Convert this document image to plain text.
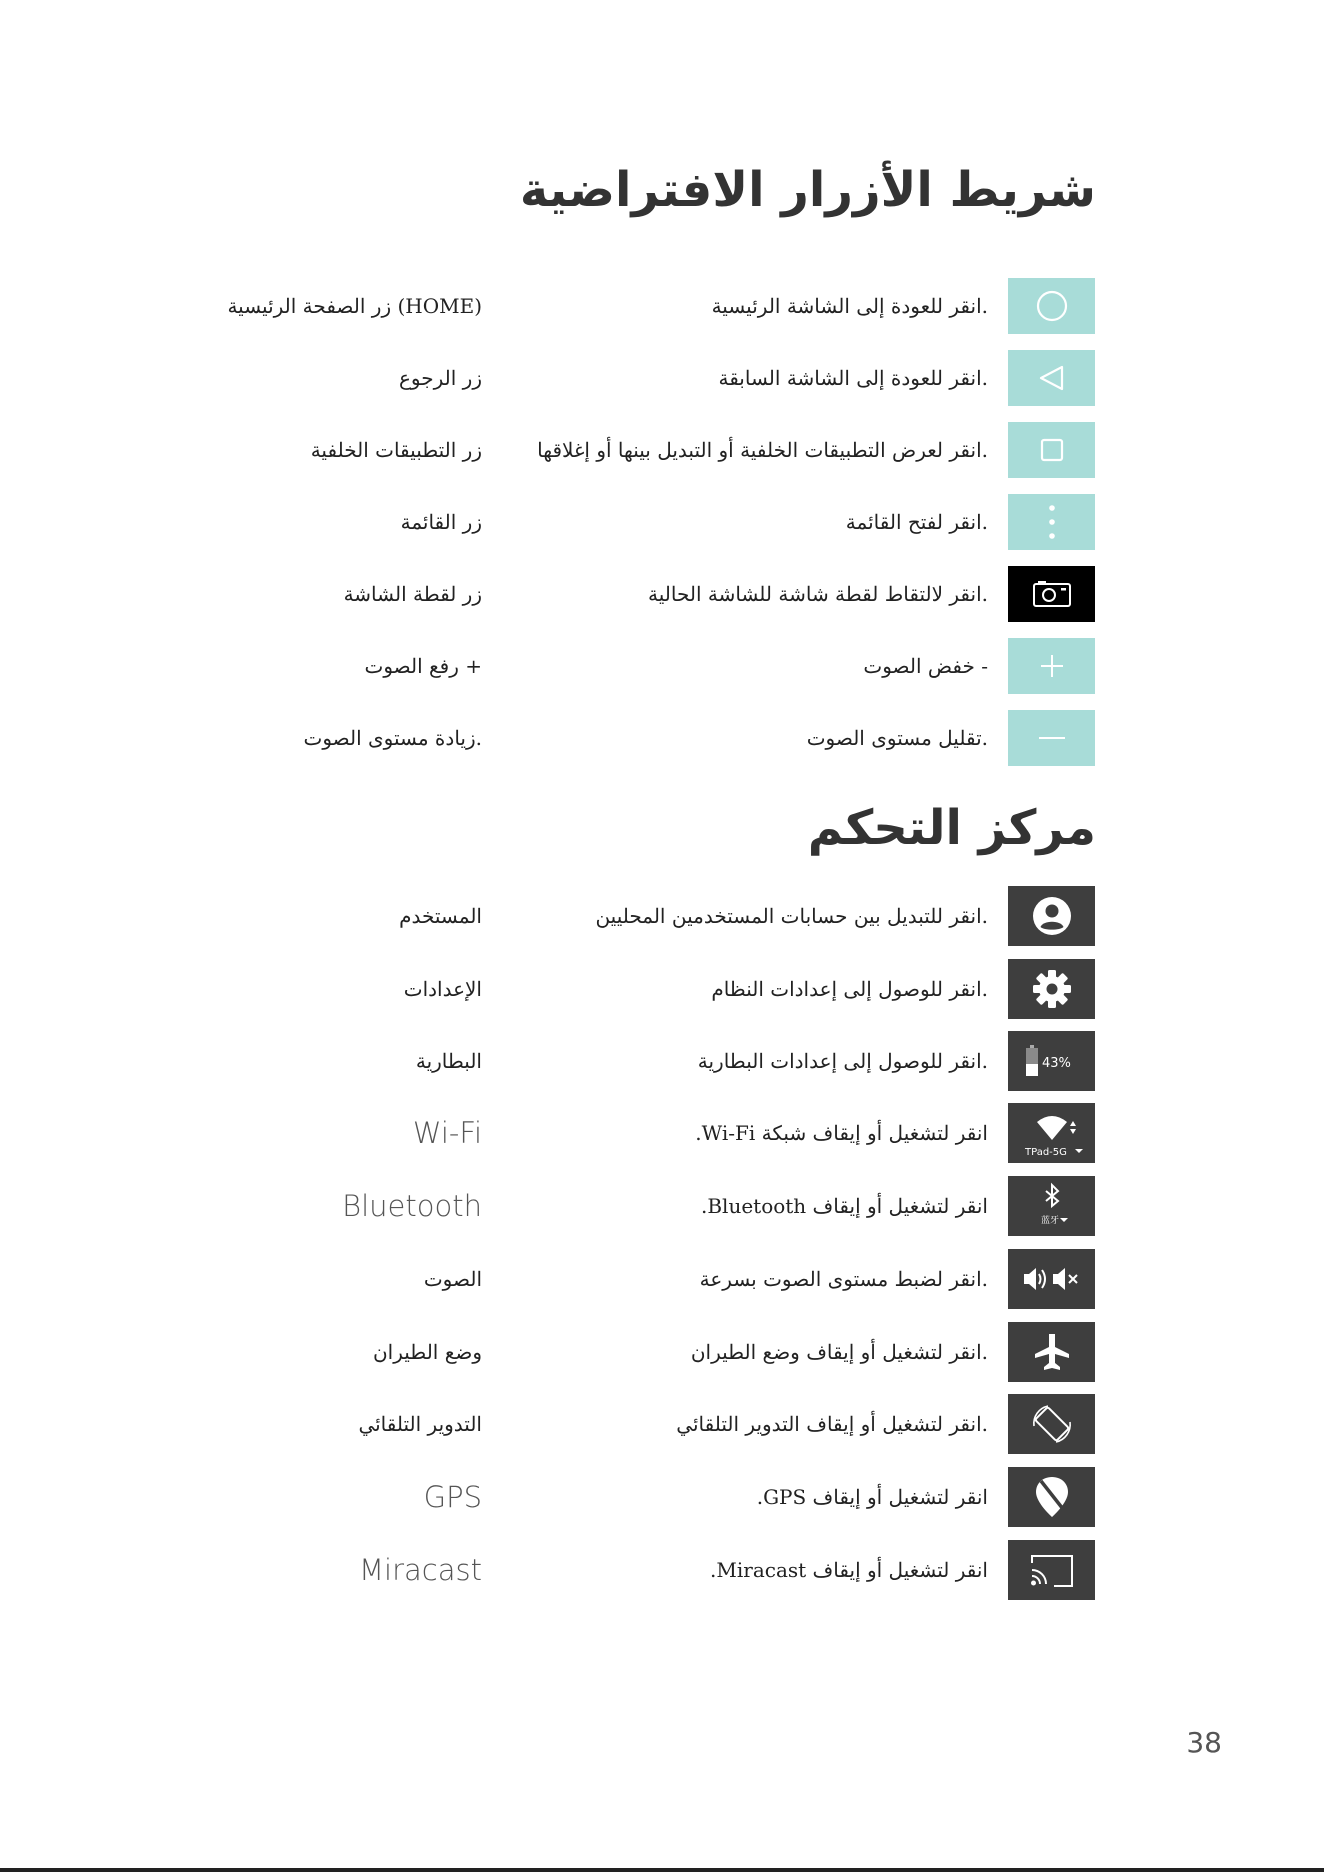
شريط الأزرار الافتراضية
.انقر للعودة إلى الشاشة الرئيسية
(HOME) زر الصفحة الرئيسية
.انقر للعودة إلى الشاشة السابقة
زر الرجوع
.انقر لعرض التطبيقات الخلفية أو التبديل بينها أو إغلاقها
زر التطبيقات الخلفية
.انقر لفتح القائمة
زر القائمة
.انقر لالتقاط لقطة شاشة للشاشة الحالية
زر لقطة الشاشة
- خفض الصوت
+ رفع الصوت
.تقليل مستوى الصوت
.زيادة مستوى الصوت
مركز التحكم
.انقر للتبديل بين حسابات المستخدمين المحليين
المستخدم
.انقر للوصول إلى إعدادات النظام
الإعدادات
43%
.انقر للوصول إلى إعدادات البطارية
البطارية
TPad-5G
انقر لتشغيل أو إيقاف شبكة Wi-Fi.
Wi-Fi
蓝牙
انقر لتشغيل أو إيقاف Bluetooth.
Bluetooth
.انقر لضبط مستوى الصوت بسرعة
الصوت
.انقر لتشغيل أو إيقاف وضع الطيران
وضع الطيران
.انقر لتشغيل أو إيقاف التدوير التلقائي
التدوير التلقائي
انقر لتشغيل أو إيقاف GPS.
GPS
انقر لتشغيل أو إيقاف Miracast.
Miracast
38
